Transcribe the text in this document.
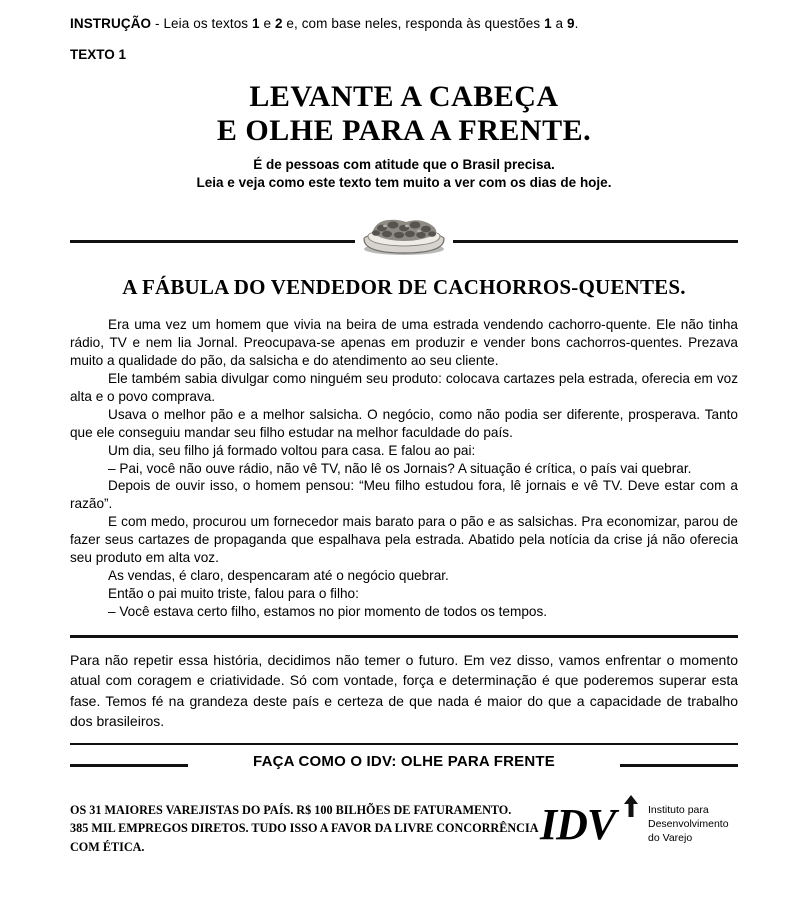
INSTRUÇÃO - Leia os textos 1 e 2 e, com base neles, responda às questões 1 a 9.
TEXTO 1
LEVANTE A CABEÇA
E OLHE PARA A FRENTE.
É de pessoas com atitude que o Brasil precisa.
Leia e veja como este texto tem muito a ver com os dias de hoje.
A FÁBULA DO VENDEDOR DE CACHORROS-QUENTES.

Era uma vez um homem que vivia na beira de uma estrada vendendo cachorro-quente. Ele não tinha rádio, TV e nem lia Jornal. Preocupava-se apenas em produzir e vender bons cachorros-quentes. Prezava muito a qualidade do pão, da salsicha e do atendimento ao seu cliente.

Ele também sabia divulgar como ninguém seu produto: colocava cartazes pela estrada, oferecia em voz alta e o povo comprava.

Usava o melhor pão e a melhor salsicha. O negócio, como não podia ser diferente, prosperava. Tanto que ele conseguiu mandar seu filho estudar na melhor faculdade do país.

Um dia, seu filho já formado voltou para casa. E falou ao pai:

– Pai, você não ouve rádio, não vê TV, não lê os Jornais? A situação é crítica, o país vai quebrar.

Depois de ouvir isso, o homem pensou: “Meu filho estudou fora, lê jornais e vê TV. Deve estar com a razão”.

E com medo, procurou um fornecedor mais barato para o pão e as salsichas. Pra economizar, parou de fazer seus cartazes de propaganda que espalhava pela estrada. Abatido pela notícia da crise já não oferecia seu produto em alta voz.

As vendas, é claro, despencaram até o negócio quebrar.

Então o pai muito triste, falou para o filho:

– Você estava certo filho, estamos no pior momento de todos os tempos.

Para não repetir essa história, decidimos não temer o futuro. Em vez disso, vamos enfrentar o momento atual com coragem e criatividade. Só com vontade, força e determinação é que poderemos superar esta fase. Temos fé na grandeza deste país e certeza de que nada é maior do que a capacidade de trabalho dos brasileiros.
FAÇA COMO O IDV: OLHE PARA FRENTE
OS 31 MAIORES VAREJISTAS DO PAÍS. R$ 100 BILHÕES DE FATURAMENTO.
385 MIL EMPREGOS DIRETOS. TUDO ISSO A FAVOR DA LIVRE CONCORRÊNCIA COM ÉTICA.	IDV	Instituto para
Desenvolvimento
do Varejo
